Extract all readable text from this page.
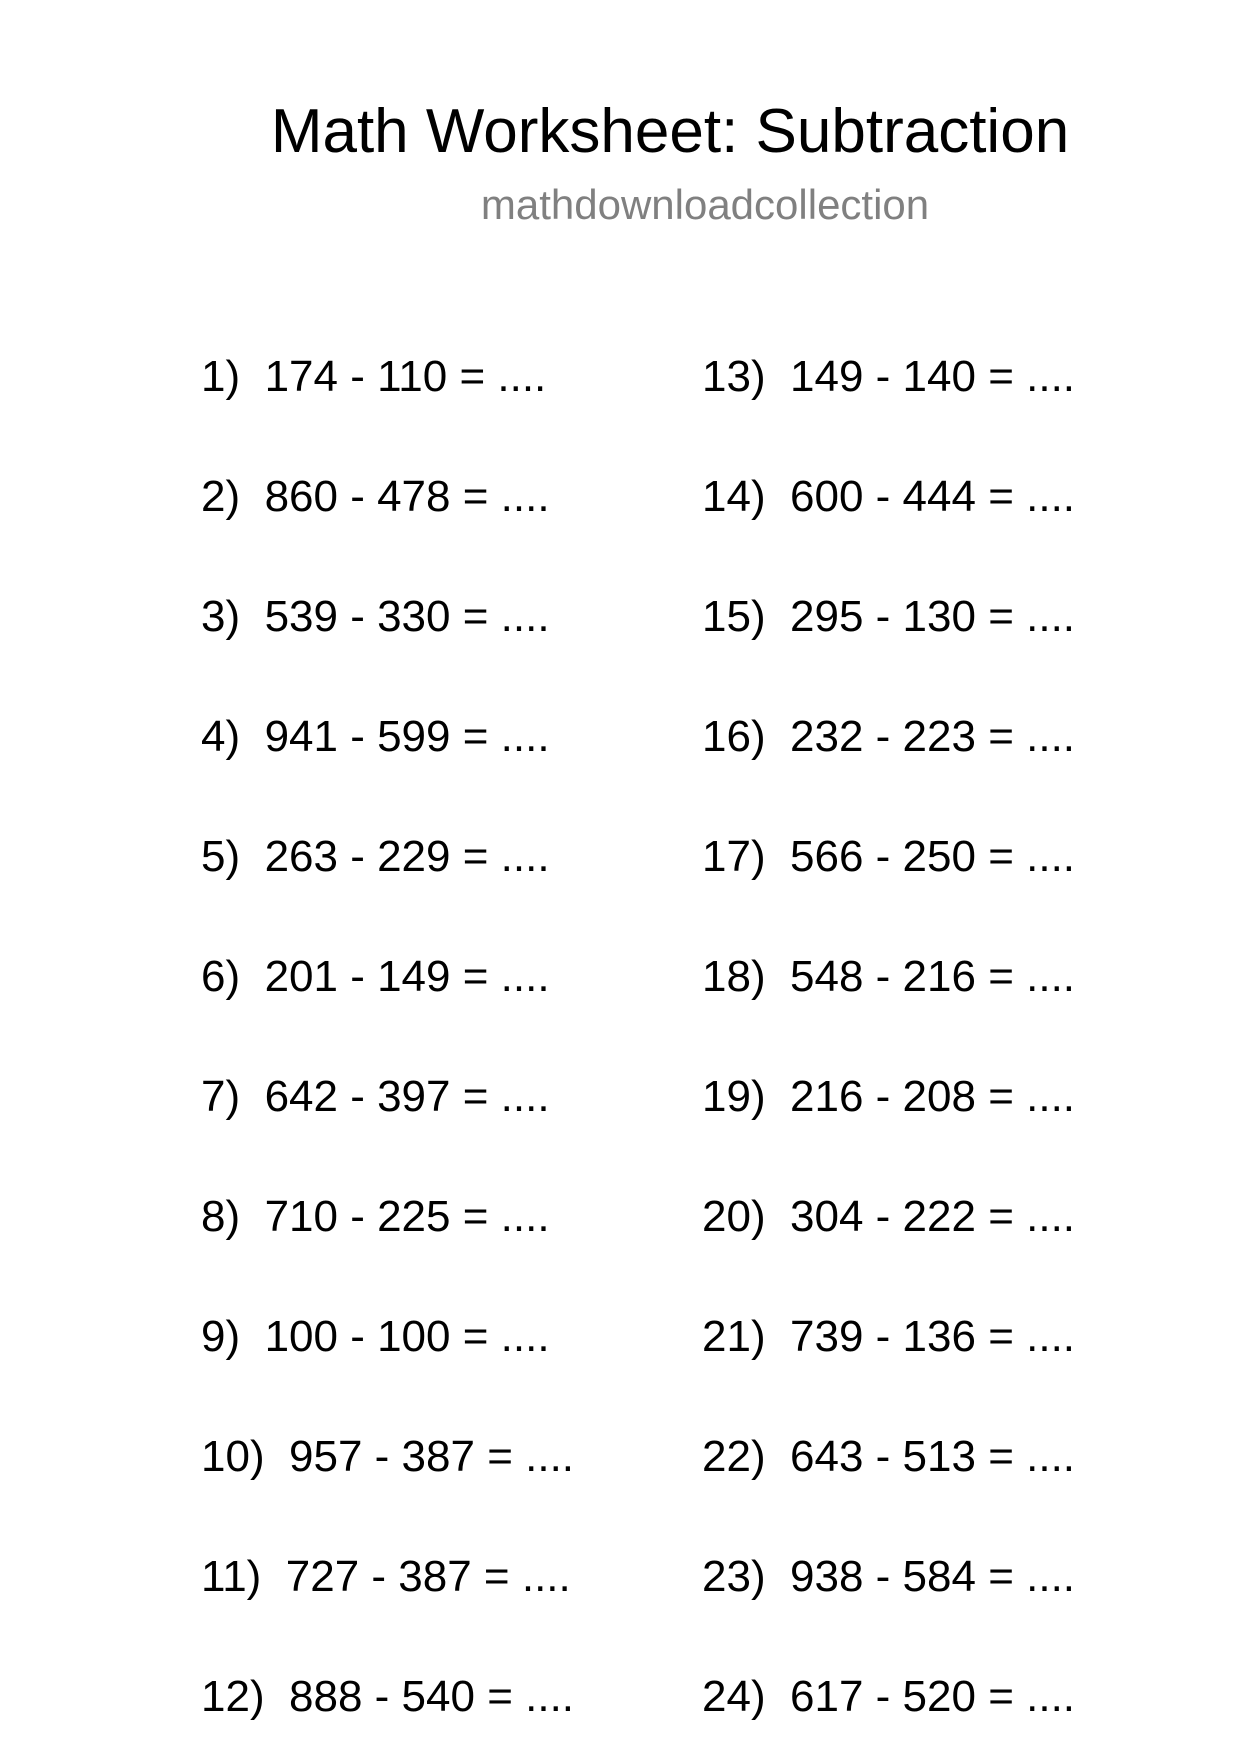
Math Worksheet: Subtraction
mathdownloadcollection
1)  174 - 110 = ....
2)  860 - 478 = ....
3)  539 - 330 = ....
4)  941 - 599 = ....
5)  263 - 229 = ....
6)  201 - 149 = ....
7)  642 - 397 = ....
8)  710 - 225 = ....
9)  100 - 100 = ....
10)  957 - 387 = ....
11)  727 - 387 = ....
12)  888 - 540 = ....
13)  149 - 140 = ....
14)  600 - 444 = ....
15)  295 - 130 = ....
16)  232 - 223 = ....
17)  566 - 250 = ....
18)  548 - 216 = ....
19)  216 - 208 = ....
20)  304 - 222 = ....
21)  739 - 136 = ....
22)  643 - 513 = ....
23)  938 - 584 = ....
24)  617 - 520 = ....
